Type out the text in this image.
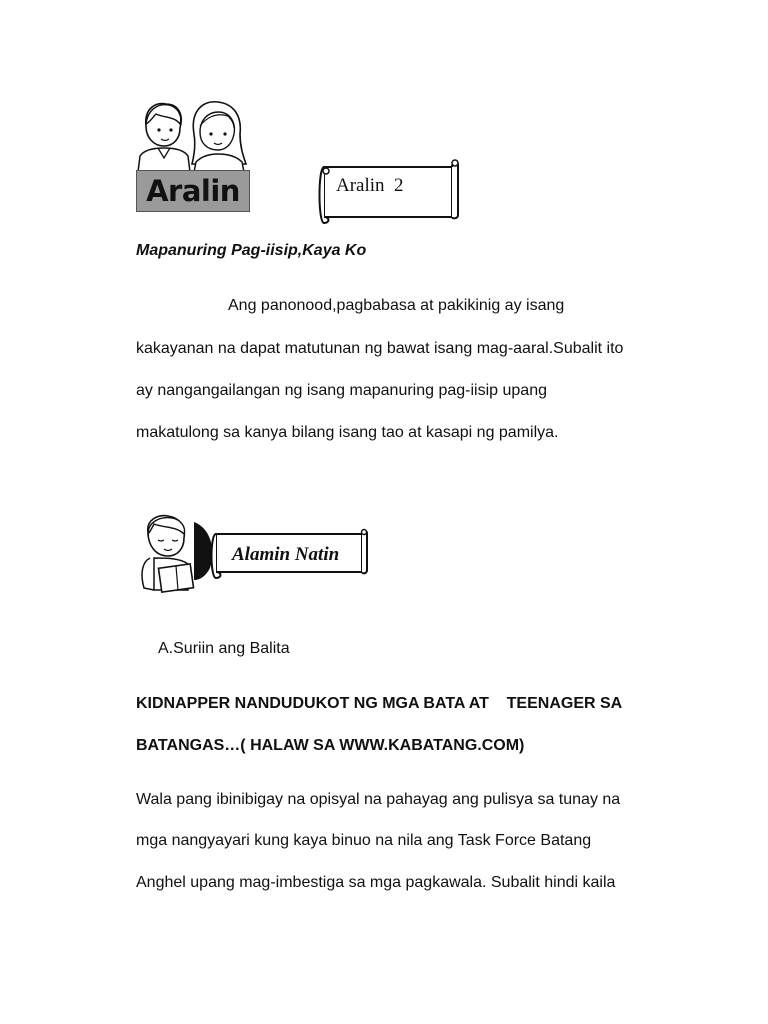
Aralin	Aralin  2
Mapanuring Pag-iisip,Kaya Ko
Ang panonood,pagbabasa at pakikinig ay isang
kakayanan na dapat matutunan ng bawat isang mag-aaral.Subalit ito
ay nangangailangan ng isang mapanuring pag-iisip upang
makatulong sa kanya bilang isang tao at kasapi ng pamilya.
Alamin Natin
A.Suriin ang Balita
KIDNAPPER NANDUDUKOT NG MGA BATA AT    TEENAGER SA
BATANGAS…( HALAW SA WWW.KABATANG.COM)
Wala pang ibinibigay na opisyal na pahayag ang pulisya sa tunay na
mga nangyayari kung kaya binuo na nila ang Task Force Batang
Anghel upang mag-imbestiga sa mga pagkawala. Subalit hindi kaila
